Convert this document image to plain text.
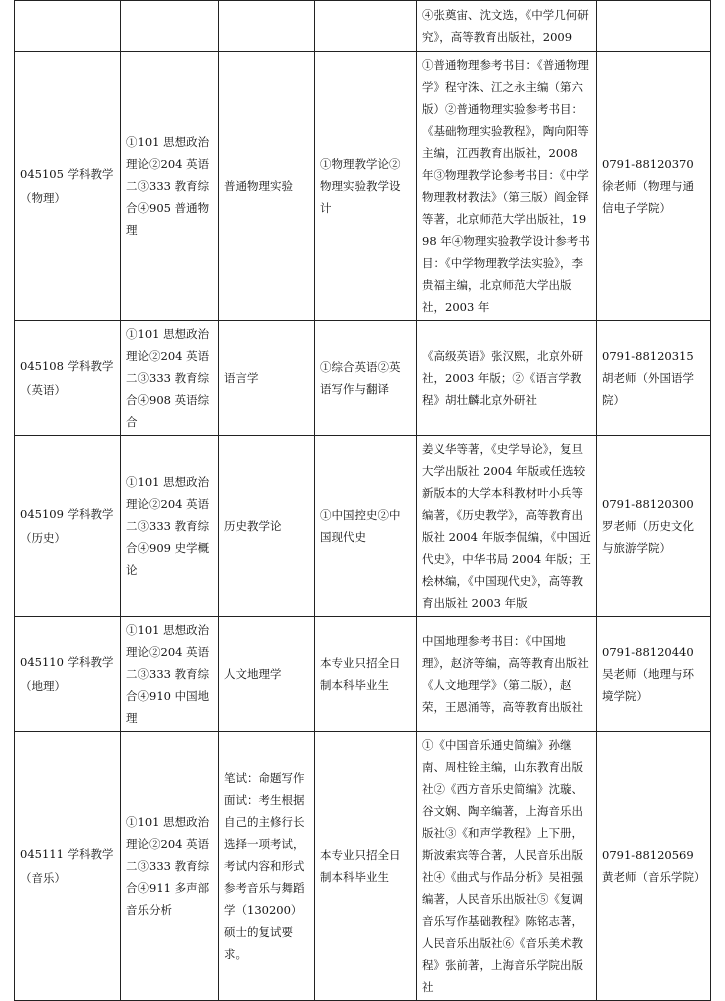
				④张奠宙、沈文选，《中学几何研究》，高等教育出版社，2009	
045105 学科教学（物理）	①101 思想政治理论②204 英语二③333 教育综合④905 普通物理	普通物理实验	①物理教学论②物理实验教学设计	①普通物理参考书目：《普通物理学》程守洙、江之永主编（第六版）②普通物理实验参考书目：《基础物理实验教程》，陶向阳等主编，江西教育出版社，2008 年③物理教学论参考书目：《中学物理教材教法》（第三版）阎金铎等著，北京师范大学出版社，1998 年④物理实验教学设计参考书目：《中学物理教学法实验》，李贵福主编，北京师范大学出版社，2003 年	0791-88120370 徐老师（物理与通信电子学院）
045108 学科教学（英语）	①101 思想政治理论②204 英语二③333 教育综合④908 英语综合	语言学	①综合英语②英语写作与翻译	《高级英语》张汉熙，北京外研社，2003 年版；②《语言学教程》胡壮麟北京外研社	0791-88120315 胡老师（外国语学院）
045109 学科教学（历史）	①101 思想政治理论②204 英语二③333 教育综合④909 史学概论	历史教学论	①中国控史②中国现代史	姜义华等著，《史学导论》，复旦大学出版社 2004 年版或任选较新版本的大学本科教材叶小兵等编著，《历史教学》，高等教育出版社 2004 年版李侃编，《中国近代史》，中华书局 2004 年版；王桧林编，《中国现代史》，高等教育出版社 2003 年版	0791-88120300 罗老师（历史文化与旅游学院）
045110 学科教学（地理）	①101 思想政治理论②204 英语二③333 教育综合④910 中国地理	人文地理学	本专业只招全日制本科毕业生	中国地理参考书目：《中国地理》，赵济等编，高等教育出版社《人文地理学》（第二版），赵荣，王恩涌等，高等教育出版社	0791-88120440 吴老师（地理与环境学院）
045111 学科教学（音乐）	①101 思想政治理论②204 英语二③333 教育综合④911 多声部音乐分析	笔试：命题写作 面试：考生根据自己的主修行长选择一项考试，考试内容和形式参考音乐与舞蹈学（130200）硕士的复试要求。	本专业只招全日制本科毕业生	①《中国音乐通史简编》孙继南、周柱铨主编，山东教育出版社②《西方音乐史简编》沈璇、谷文娴、陶辛编著，上海音乐出版社③《和声学教程》上下册，斯波索宾等合著，人民音乐出版社④《曲式与作品分析》吴祖强编著，人民音乐出版社⑤《复调音乐写作基础教程》陈铭志著，人民音乐出版社⑥《音乐美术教程》张前著，上海音乐学院出版社	0791-88120569 黄老师（音乐学院）
